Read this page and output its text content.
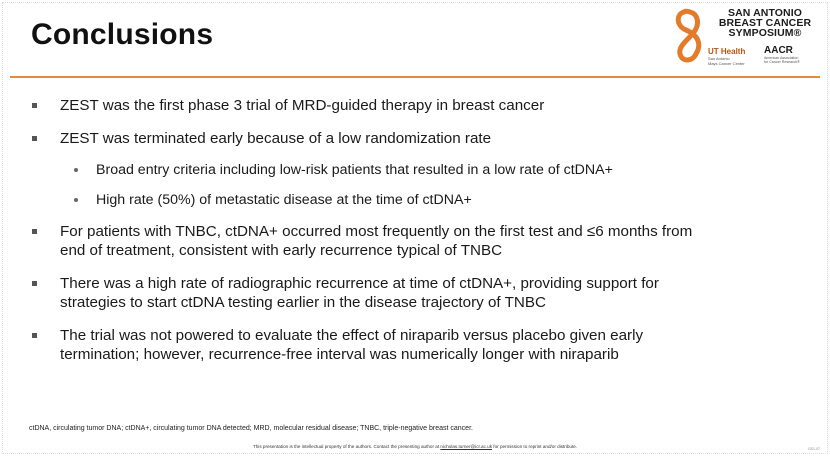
Conclusions
SAN ANTONIO
BREAST CANCER
SYMPOSIUM®
UT Health
San Antonio
Mays Cancer Center
AACR
American Association
for Cancer Research®
ZEST was the first phase 3 trial of MRD-guided therapy in breast cancer
ZEST was terminated early because of a low randomization rate
Broad entry criteria including low-risk patients that resulted in a low rate of ctDNA+
High rate (50%) of metastatic disease at the time of ctDNA+
For patients with TNBC, ctDNA+ occurred most frequently on the first test and ≤6 months from
end of treatment, consistent with early recurrence typical of TNBC
There was a high rate of radiographic recurrence at time of ctDNA+, providing support for
strategies to start ctDNA testing earlier in the disease trajectory of TNBC
The trial was not powered to evaluate the effect of niraparib versus placebo given early
termination; however, recurrence-free interval was numerically longer with niraparib
ctDNA, circulating tumor DNA; ctDNA+, circulating tumor DNA detected; MRD, molecular residual disease; TNBC, triple-negative breast cancer.
This presentation is the intellectual property of the authors. Contact the presenting author at nicholas.turner@icr.ac.uk for permission to reprint and/or distribute.	GS1-07
